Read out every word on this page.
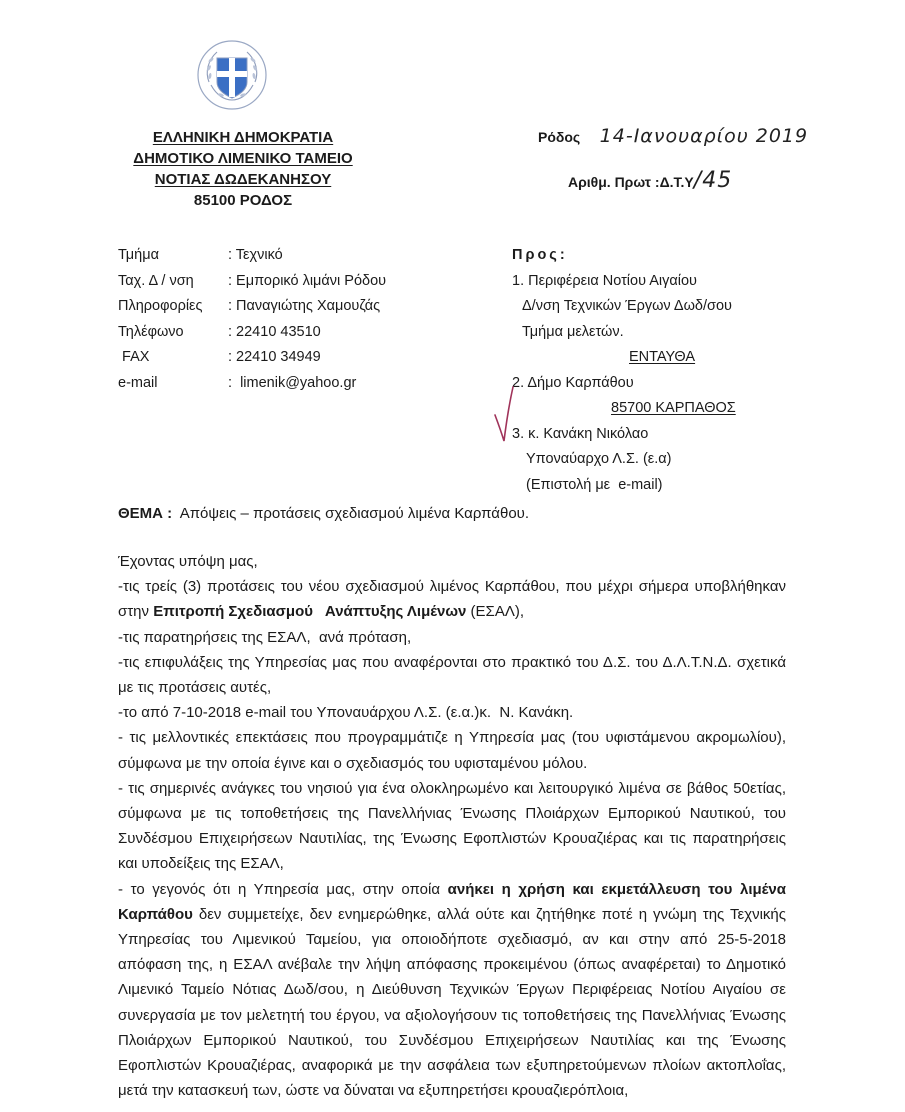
ΕΛΛΗΝΙΚΗ ΔΗΜΟΚΡΑΤΙΑ
ΔΗΜΟΤΙΚΟ ΛΙΜΕΝΙΚΟ ΤΑΜΕΙΟ
ΝΟΤΙΑΣ ΔΩΔΕΚΑΝΗΣΟΥ
85100 ΡΟΔΟΣ
Ρόδος 14-Ιανουαρίου 2019
Αριθμ. Πρωτ :Δ.Τ.Υ/45
Τμήμα	: Τεχνικό
Ταχ. Δ / νση	: Εμπορικό λιμάνι Ρόδου
Πληροφορίες	: Παναγιώτης Χαμουζάς
Τηλέφωνο	: 22410 43510
FAX	: 22410 34949
e-mail	:  limenik@yahoo.gr
Προς:
1. Περιφέρεια Νοτίου Αιγαίου
Δ/νση Τεχνικών Έργων Δωδ/σου
Τμήμα μελετών.
ΕΝΤΑΥΘΑ
2. Δήμο Καρπάθου
85700 ΚΑΡΠΑΘΟΣ
3. κ. Κανάκη Νικόλαο
Υποναύαρχο Λ.Σ. (ε.α)
(Επιστολή με  e-mail)
ΘΕΜΑ : Απόψεις – προτάσεις σχεδιασμού λιμένα Καρπάθου.

Έχοντας υπόψη μας,

-τις τρείς (3) προτάσεις του νέου σχεδιασμού λιμένος Καρπάθου, που μέχρι σήμερα υποβλήθηκαν στην Επιτροπή Σχεδιασμού   Ανάπτυξης Λιμένων (ΕΣΑΛ),

-τις παρατηρήσεις της ΕΣΑΛ,  ανά πρόταση,

-τις επιφυλάξεις της Υπηρεσίας μας που αναφέρονται στο πρακτικό του Δ.Σ. του Δ.Λ.Τ.Ν.Δ. σχετικά με τις προτάσεις αυτές,

-το από 7-10-2018 e-mail του Υποναυάρχου Λ.Σ. (ε.α.)κ.  Ν. Κανάκη.

- τις μελλοντικές επεκτάσεις που προγραμμάτιζε η Υπηρεσία μας (του υφιστάμενου ακρομωλίου), σύμφωνα με την οποία έγινε και ο σχεδιασμός του υφισταμένου μόλου.

- τις σημερινές ανάγκες του νησιού για ένα ολοκληρωμένο και λειτουργικό λιμένα σε βάθος 50ετίας, σύμφωνα με τις τοποθετήσεις της Πανελλήνιας Ένωσης Πλοιάρχων Εμπορικού Ναυτικού, του Συνδέσμου Επιχειρήσεων Ναυτιλίας, της Ένωσης Εφοπλιστών Κρουαζιέρας και τις παρατηρήσεις και υποδείξεις της ΕΣΑΛ,

- το γεγονός ότι η Υπηρεσία μας, στην οποία ανήκει η χρήση και εκμετάλλευση του λιμένα Καρπάθου δεν συμμετείχε, δεν ενημερώθηκε, αλλά ούτε και ζητήθηκε ποτέ η γνώμη της Τεχνικής Υπηρεσίας του Λιμενικού Ταμείου, για οποιοδήποτε σχεδιασμό, αν και στην από 25-5-2018 απόφαση της, η ΕΣΑΛ ανέβαλε την λήψη απόφασης προκειμένου (όπως αναφέρεται) το Δημοτικό Λιμενικό Ταμείο Νότιας Δωδ/σου, η Διεύθυνση Τεχνικών Έργων Περιφέρειας Νοτίου Αιγαίου σε συνεργασία με τον μελετητή του έργου, να αξιολογήσουν τις τοποθετήσεις της Πανελλήνιας Ένωσης Πλοιάρχων Εμπορικού Ναυτικού, του Συνδέσμου Επιχειρήσεων Ναυτιλίας και της Ένωσης Εφοπλιστών Κρουαζιέρας, αναφορικά με την ασφάλεια των εξυπηρετούμενων πλοίων ακτοπλοΐας, μετά την κατασκευή των, ώστε να δύναται να εξυπηρετήσει κρουαζιερόπλοια,
